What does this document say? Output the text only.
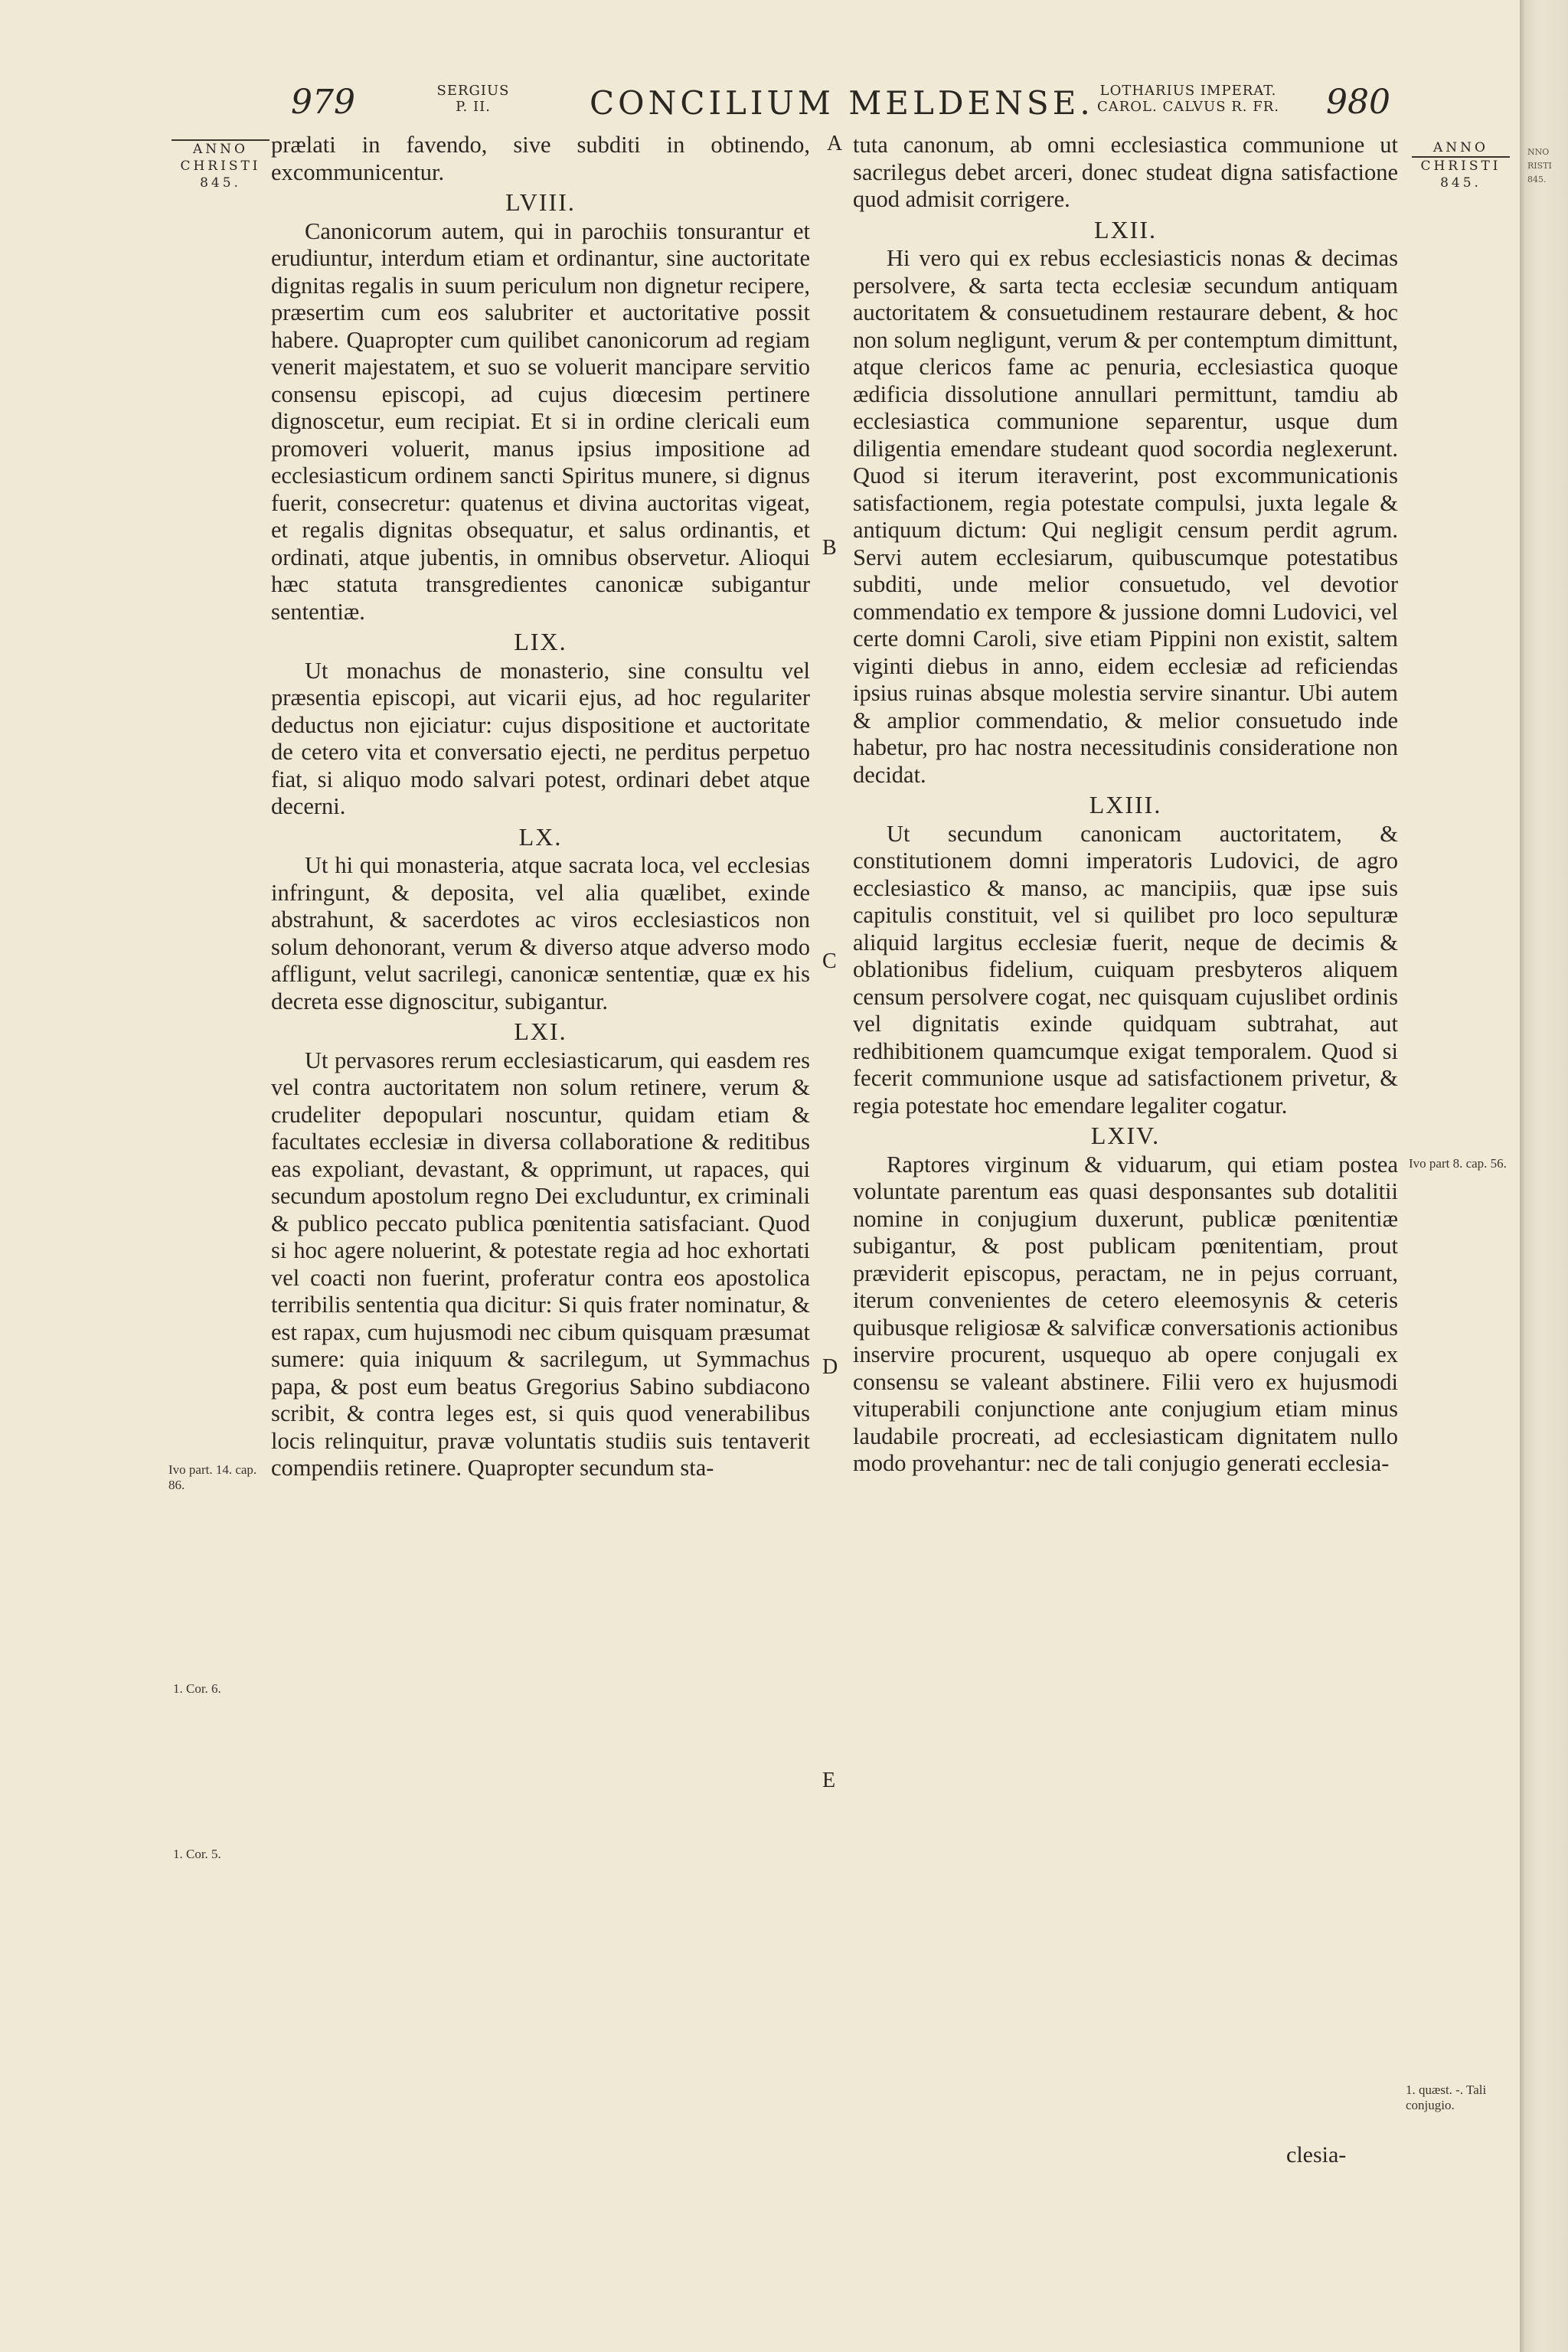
979	SERGIUS
P. II.	CONCILIUM MELDENSE. LOTHARIUS IMPERAT.
CAROL. CALVUS R. FR.	980
ANNO
CHRISTI
845.
ANNO
CHRISTI
845.

prælati in favendo, sive subditi in obtinendo, excommunicentur.

LVIII.

Canonicorum autem, qui in parochiis tonsurantur et erudiuntur, interdum etiam et ordinantur, sine auctoritate dignitas regalis in suum periculum non dignetur recipere, præsertim cum eos salubriter et auctoritative possit habere. Quapropter cum quilibet canonicorum ad regiam venerit majestatem, et suo se voluerit mancipare servitio consensu episcopi, ad cujus diœcesim pertinere dignoscetur, eum recipiat. Et si in ordine clericali eum promoveri voluerit, manus ipsius impositione ad ecclesiasticum ordinem sancti Spiritus munere, si dignus fuerit, consecretur: quatenus et divina auctoritas vigeat, et regalis dignitas obsequatur, et salus ordinantis, et ordinati, atque jubentis, in omnibus observetur. Alioqui hæc statuta transgredientes canonicæ subigantur sententiæ.

LIX.

Ut monachus de monasterio, sine consultu vel præsentia episcopi, aut vicarii ejus, ad hoc regulariter deductus non ejiciatur: cujus dispositione et auctoritate de cetero vita et conversatio ejecti, ne perditus perpetuo fiat, si aliquo modo salvari potest, ordinari debet atque decerni.

LX.

Ut hi qui monasteria, atque sacrata loca, vel ecclesias infringunt, & deposita, vel alia quælibet, exinde abstrahunt, & sacerdotes ac viros ecclesiasticos non solum dehonorant, verum & diverso atque adverso modo affligunt, velut sacrilegi, canonicæ sententiæ, quæ ex his decreta esse dignoscitur, subigantur.

LXI.

Ut pervasores rerum ecclesiasticarum, qui easdem res vel contra auctoritatem non solum retinere, verum & crudeliter depopulari noscuntur, quidam etiam & facultates ecclesiæ in diversa collaboratione & reditibus eas expoliant, devastant, & opprimunt, ut rapaces, qui secundum apostolum regno Dei excluduntur, ex criminali & publico peccato publica pœnitentia satisfaciant. Quod si hoc agere noluerint, & potestate regia ad hoc exhortati vel coacti non fuerint, proferatur contra eos apostolica terribilis sententia qua dicitur: Si quis frater nominatur, & est rapax, cum hujusmodi nec cibum quisquam præsumat sumere: quia iniquum & sacrilegum, ut Symmachus papa, & post eum beatus Gregorius Sabino subdiacono scribit, & contra leges est, si quis quod venerabilibus locis relinquitur, pravæ voluntatis studiis suis tentaverit compendiis retinere. Quapropter secundum sta-

tuta canonum, ab omni ecclesiastica communione ut sacrilegus debet arceri, donec studeat digna satisfactione quod admisit corrigere.

LXII.

Hi vero qui ex rebus ecclesiasticis nonas & decimas persolvere, & sarta tecta ecclesiæ secundum antiquam auctoritatem & consuetudinem restaurare debent, & hoc non solum negligunt, verum & per contemptum dimittunt, atque clericos fame ac penuria, ecclesiastica quoque ædificia dissolutione annullari permittunt, tamdiu ab ecclesiastica communione separentur, usque dum diligentia emendare studeant quod socordia neglexerunt. Quod si iterum iteraverint, post excommunicationis satisfactionem, regia potestate compulsi, juxta legale & antiquum dictum: Qui negligit censum perdit agrum. Servi autem ecclesiarum, quibuscumque potestatibus subditi, unde melior consuetudo, vel devotior commendatio ex tempore & jussione domni Ludovici, vel certe domni Caroli, sive etiam Pippini non existit, saltem viginti diebus in anno, eidem ecclesiæ ad reficiendas ipsius ruinas absque molestia servire sinantur. Ubi autem & amplior commendatio, & melior consuetudo inde habetur, pro hac nostra necessitudinis consideratione non decidat.

LXIII.

Ut secundum canonicam auctoritatem, & constitutionem domni imperatoris Ludovici, de agro ecclesiastico & manso, ac mancipiis, quæ ipse suis capitulis constituit, vel si quilibet pro loco sepulturæ aliquid largitus ecclesiæ fuerit, neque de decimis & oblationibus fidelium, cuiquam presbyteros aliquem censum persolvere cogat, nec quisquam cujuslibet ordinis vel dignitatis exinde quidquam subtrahat, aut redhibitionem quamcumque exigat temporalem. Quod si fecerit communione usque ad satisfactionem privetur, & regia potestate hoc emendare legaliter cogatur.

LXIV.

Raptores virginum & viduarum, qui etiam postea voluntate parentum eas quasi desponsantes sub dotalitii nomine in conjugium duxerunt, publicæ pœnitentiæ subigantur, & post publicam pœnitentiam, prout præviderit episcopus, peractam, ne in pejus corruant, iterum convenientes de cetero eleemosynis & ceteris quibusque religiosæ & salvificæ conversationis actionibus inservire procurent, usquequo ab opere conjugali ex consensu se valeant abstinere. Filii vero ex hujusmodi vituperabili conjunctione ante conjugium etiam minus laudabile procreati, ad ecclesiasticam dignitatem nullo modo provehantur: nec de tali conjugio generati ecclesia-

A
B
C
D
E
Ivo part. 14. cap. 86.
1. Cor. 6.
1. Cor. 5.
Ivo part 8. cap. 56.
1. quæst. -. Tali conjugio.
clesia-
NNO
RISTI
845.
